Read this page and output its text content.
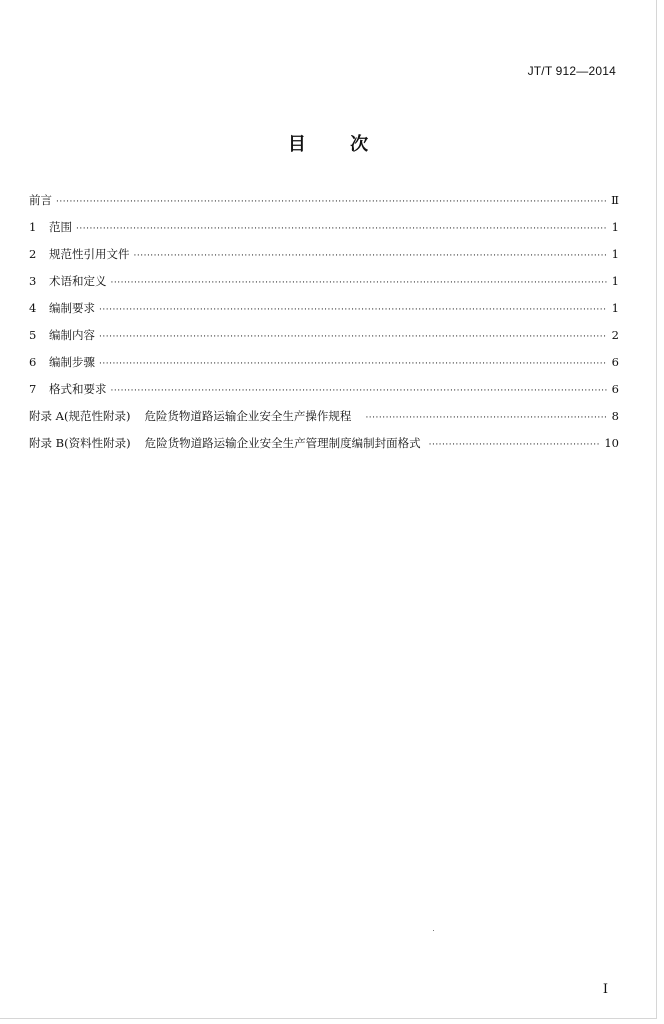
JT/T 912—2014
目 次
前言 ·····	Ⅱ
1	范围 ·····	1
2	规范性引用文件 ·····	1
3	术语和定义 ·····	1
4	编制要求 ·····	1
5	编制内容 ·····	2
6	编制步骤 ·····	6
7	格式和要求 ·····	6
附录 A(规范性附录) 危险货物道路运输企业安全生产操作规程 ·····	8
附录 B(资料性附录) 危险货物道路运输企业安全生产管理制度编制封面格式 ·····	10
I
